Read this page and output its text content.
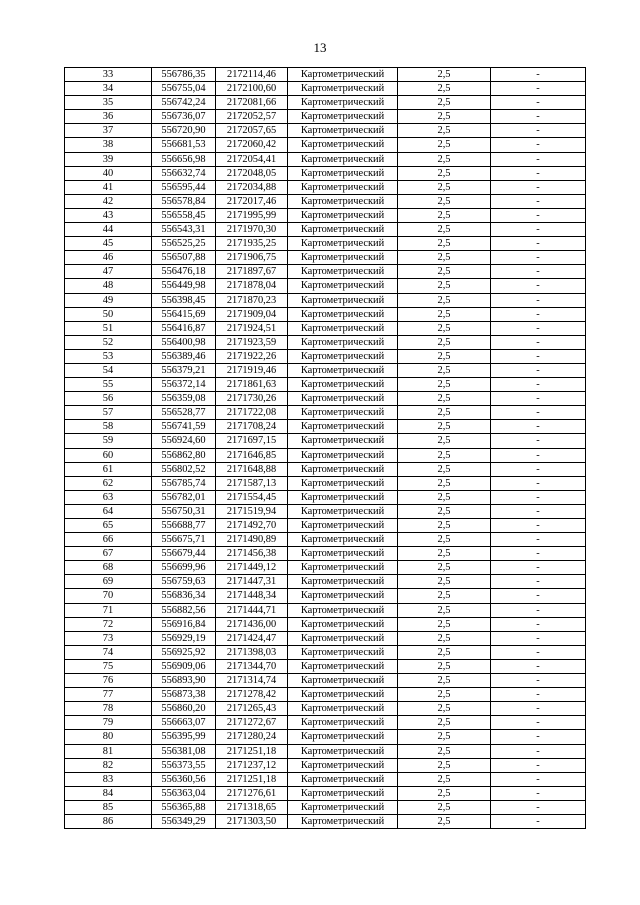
13
33	556786,35	2172114,46	Картометрический	2,5	-
34	556755,04	2172100,60	Картометрический	2,5	-
35	556742,24	2172081,66	Картометрический	2,5	-
36	556736,07	2172052,57	Картометрический	2,5	-
37	556720,90	2172057,65	Картометрический	2,5	-
38	556681,53	2172060,42	Картометрический	2,5	-
39	556656,98	2172054,41	Картометрический	2,5	-
40	556632,74	2172048,05	Картометрический	2,5	-
41	556595,44	2172034,88	Картометрический	2,5	-
42	556578,84	2172017,46	Картометрический	2,5	-
43	556558,45	2171995,99	Картометрический	2,5	-
44	556543,31	2171970,30	Картометрический	2,5	-
45	556525,25	2171935,25	Картометрический	2,5	-
46	556507,88	2171906,75	Картометрический	2,5	-
47	556476,18	2171897,67	Картометрический	2,5	-
48	556449,98	2171878,04	Картометрический	2,5	-
49	556398,45	2171870,23	Картометрический	2,5	-
50	556415,69	2171909,04	Картометрический	2,5	-
51	556416,87	2171924,51	Картометрический	2,5	-
52	556400,98	2171923,59	Картометрический	2,5	-
53	556389,46	2171922,26	Картометрический	2,5	-
54	556379,21	2171919,46	Картометрический	2,5	-
55	556372,14	2171861,63	Картометрический	2,5	-
56	556359,08	2171730,26	Картометрический	2,5	-
57	556528,77	2171722,08	Картометрический	2,5	-
58	556741,59	2171708,24	Картометрический	2,5	-
59	556924,60	2171697,15	Картометрический	2,5	-
60	556862,80	2171646,85	Картометрический	2,5	-
61	556802,52	2171648,88	Картометрический	2,5	-
62	556785,74	2171587,13	Картометрический	2,5	-
63	556782,01	2171554,45	Картометрический	2,5	-
64	556750,31	2171519,94	Картометрический	2,5	-
65	556688,77	2171492,70	Картометрический	2,5	-
66	556675,71	2171490,89	Картометрический	2,5	-
67	556679,44	2171456,38	Картометрический	2,5	-
68	556699,96	2171449,12	Картометрический	2,5	-
69	556759,63	2171447,31	Картометрический	2,5	-
70	556836,34	2171448,34	Картометрический	2,5	-
71	556882,56	2171444,71	Картометрический	2,5	-
72	556916,84	2171436,00	Картометрический	2,5	-
73	556929,19	2171424,47	Картометрический	2,5	-
74	556925,92	2171398,03	Картометрический	2,5	-
75	556909,06	2171344,70	Картометрический	2,5	-
76	556893,90	2171314,74	Картометрический	2,5	-
77	556873,38	2171278,42	Картометрический	2,5	-
78	556860,20	2171265,43	Картометрический	2,5	-
79	556663,07	2171272,67	Картометрический	2,5	-
80	556395,99	2171280,24	Картометрический	2,5	-
81	556381,08	2171251,18	Картометрический	2,5	-
82	556373,55	2171237,12	Картометрический	2,5	-
83	556360,56	2171251,18	Картометрический	2,5	-
84	556363,04	2171276,61	Картометрический	2,5	-
85	556365,88	2171318,65	Картометрический	2,5	-
86	556349,29	2171303,50	Картометрический	2,5	-
